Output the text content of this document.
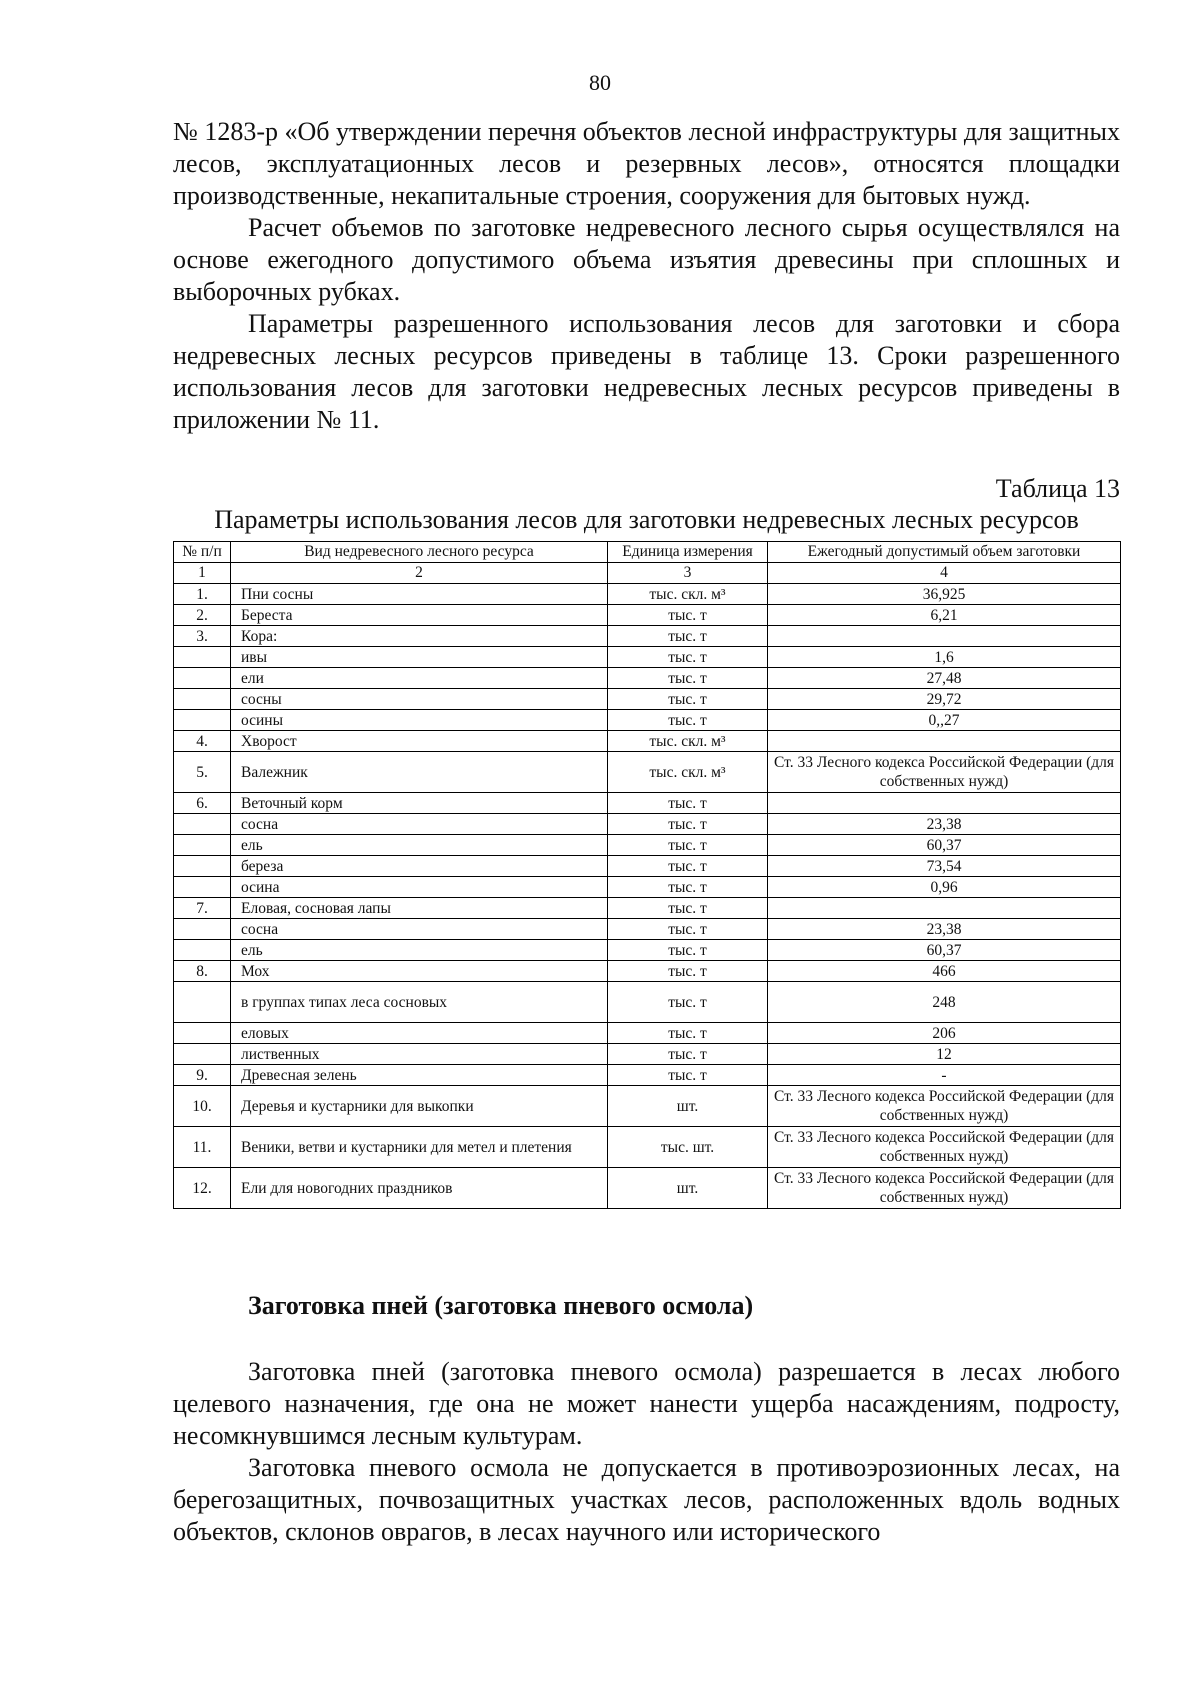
80

№ 1283-р «Об утверждении перечня объектов лесной инфраструктуры для защитных лесов, эксплуатационных лесов и резервных лесов», относятся площадки производственные, некапитальные строения, сооружения для бытовых нужд.

Расчет объемов по заготовке недревесного лесного сырья осуществлялся на основе ежегодного допустимого объема изъятия древесины при сплошных и выборочных рубках.

Параметры разрешенного использования лесов для заготовки и сбора недревесных лесных ресурсов приведены в таблице 13. Сроки разрешенного использования лесов для заготовки недревесных лесных ресурсов приведены в приложении № 11.

Таблица 13
Параметры использования лесов для заготовки недревесных лесных ресурсов
№ п/п	Вид недревесного лесного ресурса	Единица измерения	Ежегодный допустимый объем заготовки
1	2	3	4
1.	Пни сосны	тыс. скл. м³	36,925
2.	Береста	тыс. т	6,21
3.	Кора:	тыс. т	
	ивы	тыс. т	1,6
	ели	тыс. т	27,48
	сосны	тыс. т	29,72
	осины	тыс. т	0,,27
4.	Хворост	тыс. скл. м³	
5.	Валежник	тыс. скл. м³	Ст. 33 Лесного кодекса Российской Федерации (для собственных нужд)
6.	Веточный корм	тыс. т	
	сосна	тыс. т	23,38
	ель	тыс. т	60,37
	береза	тыс. т	73,54
	осина	тыс. т	0,96
7.	Еловая, сосновая лапы	тыс. т	
	сосна	тыс. т	23,38
	ель	тыс. т	60,37
8.	Мох	тыс. т	466
	в группах типах леса сосновых	тыс. т	248
	еловых	тыс. т	206
	лиственных	тыс. т	12
9.	Древесная зелень	тыс. т	-
10.	Деревья и кустарники для выкопки	шт.	Ст. 33 Лесного кодекса Российской Федерации (для собственных нужд)
11.	Веники, ветви и кустарники для метел и плетения	тыс. шт.	Ст. 33 Лесного кодекса Российской Федерации (для собственных нужд)
12.	Ели для новогодних праздников	шт.	Ст. 33 Лесного кодекса Российской Федерации (для собственных нужд)
Заготовка пней (заготовка пневого осмола)

Заготовка пней (заготовка пневого осмола) разрешается в лесах любого целевого назначения, где она не может нанести ущерба насаждениям, подросту, несомкнувшимся лесным культурам.

Заготовка пневого осмола не допускается в противоэрозионных лесах, на берегозащитных, почвозащитных участках лесов, расположенных вдоль водных объектов, склонов оврагов, в лесах научного или исторического
